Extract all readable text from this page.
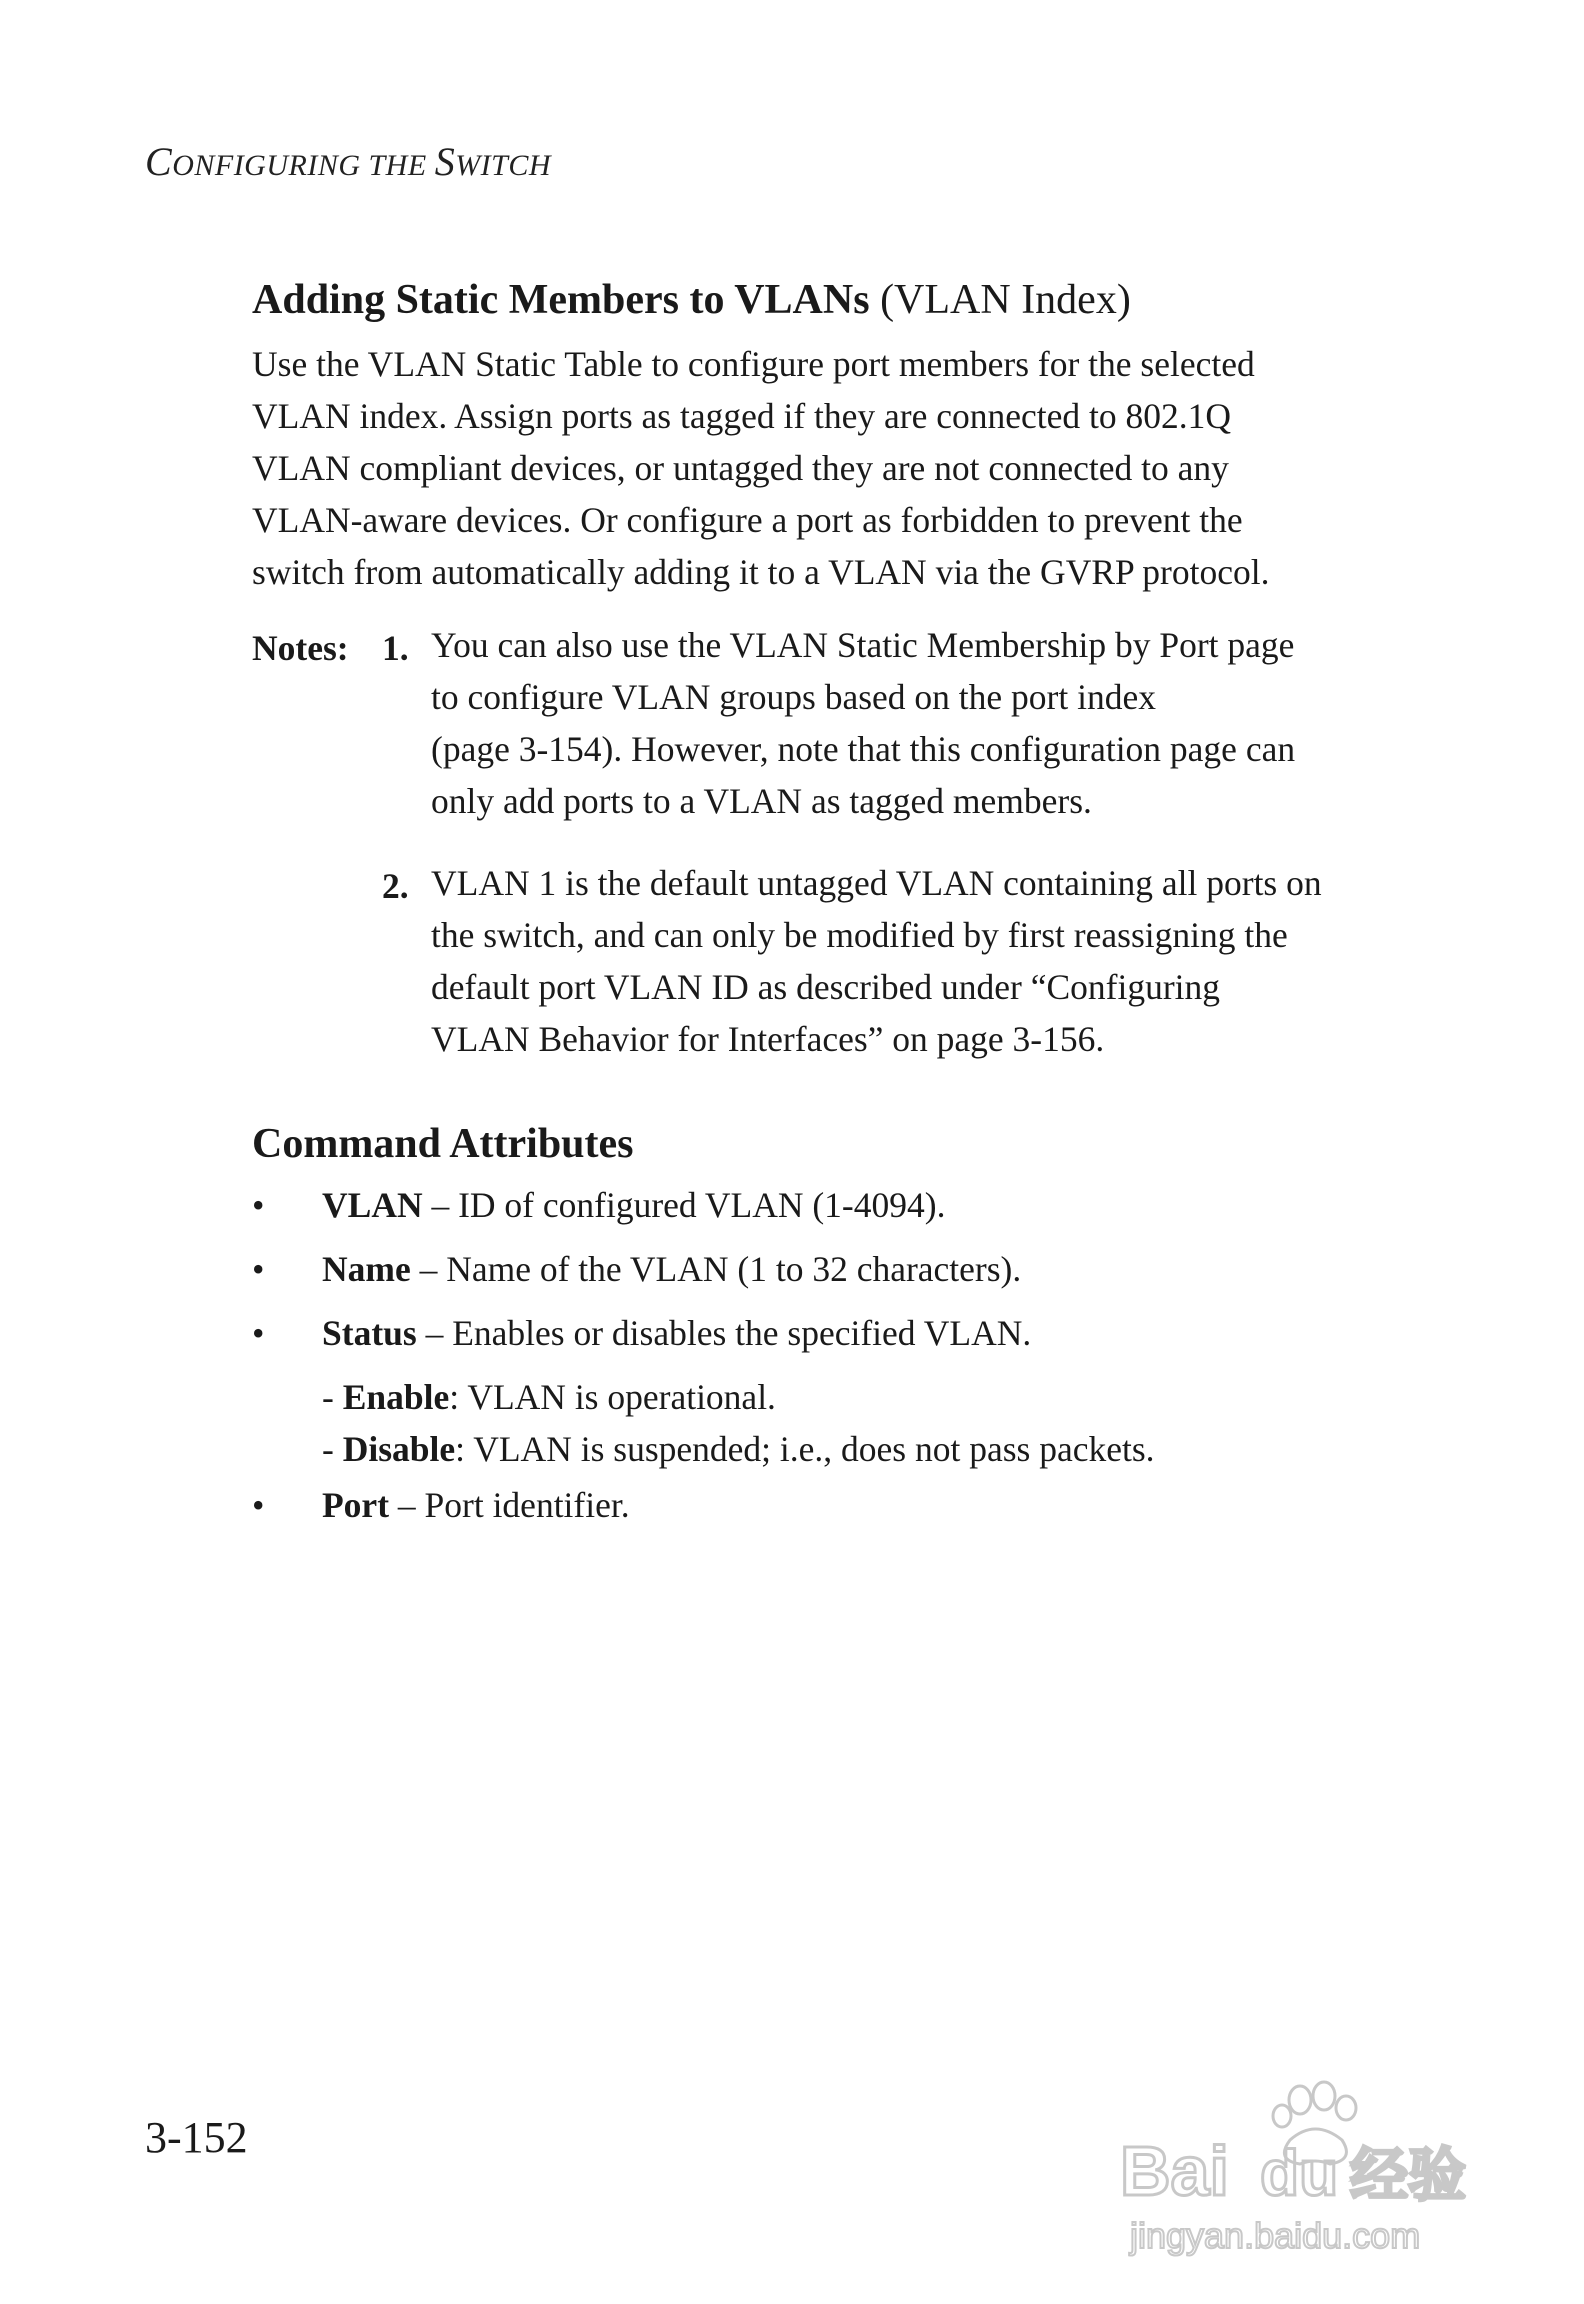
CONFIGURING THE SWITCH
Adding Static Members to VLANs (VLAN Index)
Use the VLAN Static Table to configure port members for the selected
VLAN index. Assign ports as tagged if they are connected to 802.1Q
VLAN compliant devices, or untagged they are not connected to any
VLAN-aware devices. Or configure a port as forbidden to prevent the
switch from automatically adding it to a VLAN via the GVRP protocol.
Notes: 1. You can also use the VLAN Static Membership by Port page
to configure VLAN groups based on the port index
(page 3-154). However, note that this configuration page can
only add ports to a VLAN as tagged members.
2. VLAN 1 is the default untagged VLAN containing all ports on
the switch, and can only be modified by first reassigning the
default port VLAN ID as described under “Configuring
VLAN Behavior for Interfaces” on page 3-156.
Command Attributes
• VLAN – ID of configured VLAN (1-4094).
• Name – Name of the VLAN (1 to 32 characters).
• Status – Enables or disables the specified VLAN.
- Enable: VLAN is operational.
- Disable: VLAN is suspended; i.e., does not pass packets.
• Port – Port identifier.
3-152	Bai du 经验
jingyan.baidu.com
